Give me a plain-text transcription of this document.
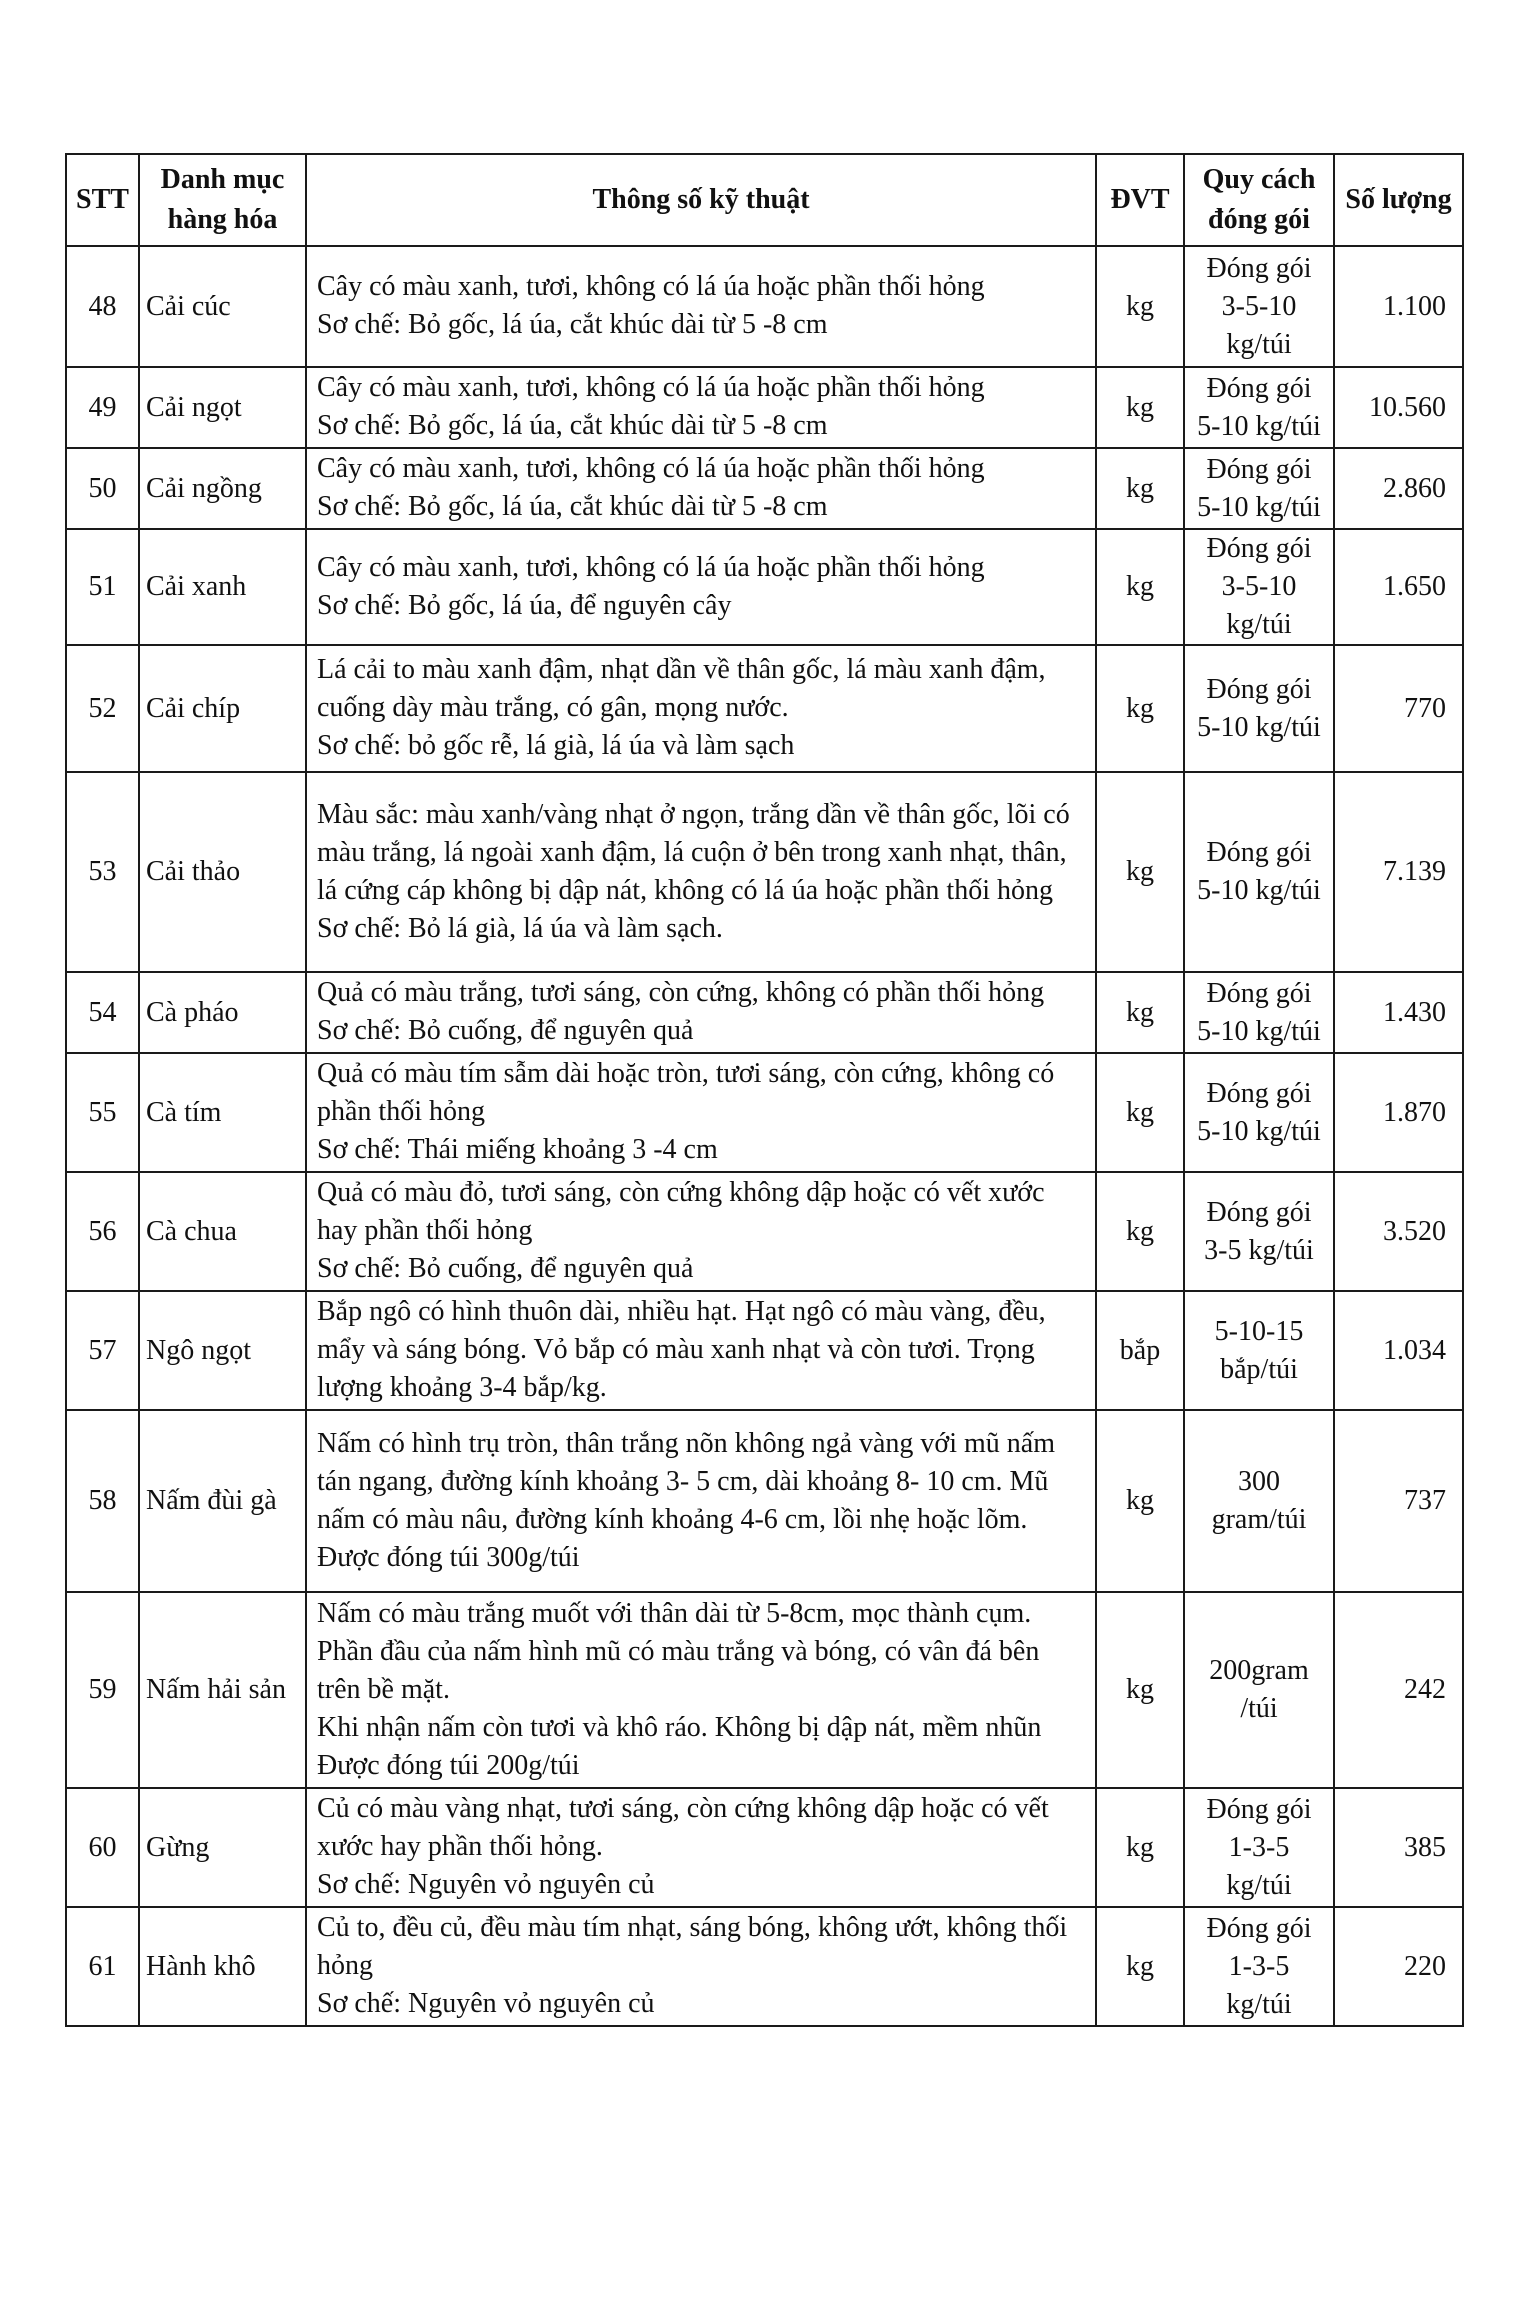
STT	Danh mục hàng hóa	Thông số kỹ thuật	ĐVT	Quy cách đóng gói	Số lượng
48	Cải cúc	Cây có màu xanh, tươi, không có lá úa hoặc phần thối hỏng
Sơ chế: Bỏ gốc, lá úa, cắt khúc dài từ 5 -8 cm	kg	Đóng gói 3-5-10 kg/túi	1.100
49	Cải ngọt	Cây có màu xanh, tươi, không có lá úa hoặc phần thối hỏng
Sơ chế: Bỏ gốc, lá úa, cắt khúc dài từ 5 -8 cm	kg	Đóng gói 5-10 kg/túi	10.560
50	Cải ngồng	Cây có màu xanh, tươi, không có lá úa hoặc phần thối hỏng
Sơ chế: Bỏ gốc, lá úa, cắt khúc dài từ 5 -8 cm	kg	Đóng gói 5-10 kg/túi	2.860
51	Cải xanh	Cây có màu xanh, tươi, không có lá úa hoặc phần thối hỏng
Sơ chế: Bỏ gốc, lá úa, để nguyên cây	kg	Đóng gói 3-5-10 kg/túi	1.650
52	Cải chíp	Lá cải to màu xanh đậm, nhạt dần về thân gốc, lá màu xanh đậm, cuống dày màu trắng, có gân, mọng nước.
Sơ chế: bỏ gốc rễ, lá già, lá úa và làm sạch	kg	Đóng gói 5-10 kg/túi	770
53	Cải thảo	Màu sắc: màu xanh/vàng nhạt ở ngọn, trắng dần về thân gốc, lõi có màu trắng, lá ngoài xanh đậm, lá cuộn ở bên trong xanh nhạt, thân, lá cứng cáp không bị dập nát, không có lá úa hoặc phần thối hỏng
Sơ chế: Bỏ lá già, lá úa và làm sạch.	kg	Đóng gói 5-10 kg/túi	7.139
54	Cà pháo	Quả có màu trắng, tươi sáng, còn cứng, không có phần thối hỏng
Sơ chế: Bỏ cuống, để nguyên quả	kg	Đóng gói 5-10 kg/túi	1.430
55	Cà tím	Quả có màu tím sẫm dài hoặc tròn, tươi sáng, còn cứng, không có phần thối hỏng
Sơ chế: Thái miếng khoảng 3 -4 cm	kg	Đóng gói 5-10 kg/túi	1.870
56	Cà chua	Quả có màu đỏ, tươi sáng, còn cứng không dập hoặc có vết xước hay phần thối hỏng
Sơ chế: Bỏ cuống, để nguyên quả	kg	Đóng gói 3-5 kg/túi	3.520
57	Ngô ngọt	Bắp ngô có hình thuôn dài, nhiều hạt. Hạt ngô có màu vàng, đều, mẩy và sáng bóng. Vỏ bắp có màu xanh nhạt và còn tươi. Trọng lượng khoảng 3-4 bắp/kg.	bắp	5-10-15 bắp/túi	1.034
58	Nấm đùi gà	Nấm có hình trụ tròn, thân trắng nõn không ngả vàng với mũ nấm tán ngang, đường kính khoảng 3- 5 cm, dài khoảng 8- 10 cm. Mũ nấm có màu nâu, đường kính khoảng 4-6 cm, lồi nhẹ hoặc lõm.
Được đóng túi 300g/túi	kg	300 gram/túi	737
59	Nấm hải sản	Nấm có màu trắng muốt với thân dài từ 5-8cm, mọc thành cụm.
Phần đầu của nấm hình mũ có màu trắng và bóng, có vân đá bên trên bề mặt.
Khi nhận nấm còn tươi và khô ráo. Không bị dập nát, mềm nhũn
Được đóng túi 200g/túi	kg	200gram /túi	242
60	Gừng	Củ có màu vàng nhạt, tươi sáng, còn cứng không dập hoặc có vết xước hay phần thối hỏng.
Sơ chế: Nguyên vỏ nguyên củ	kg	Đóng gói 1-3-5 kg/túi	385
61	Hành khô	Củ to, đều củ, đều màu tím nhạt, sáng bóng, không ướt, không thối hỏng
Sơ chế: Nguyên vỏ nguyên củ	kg	Đóng gói 1-3-5 kg/túi	220
